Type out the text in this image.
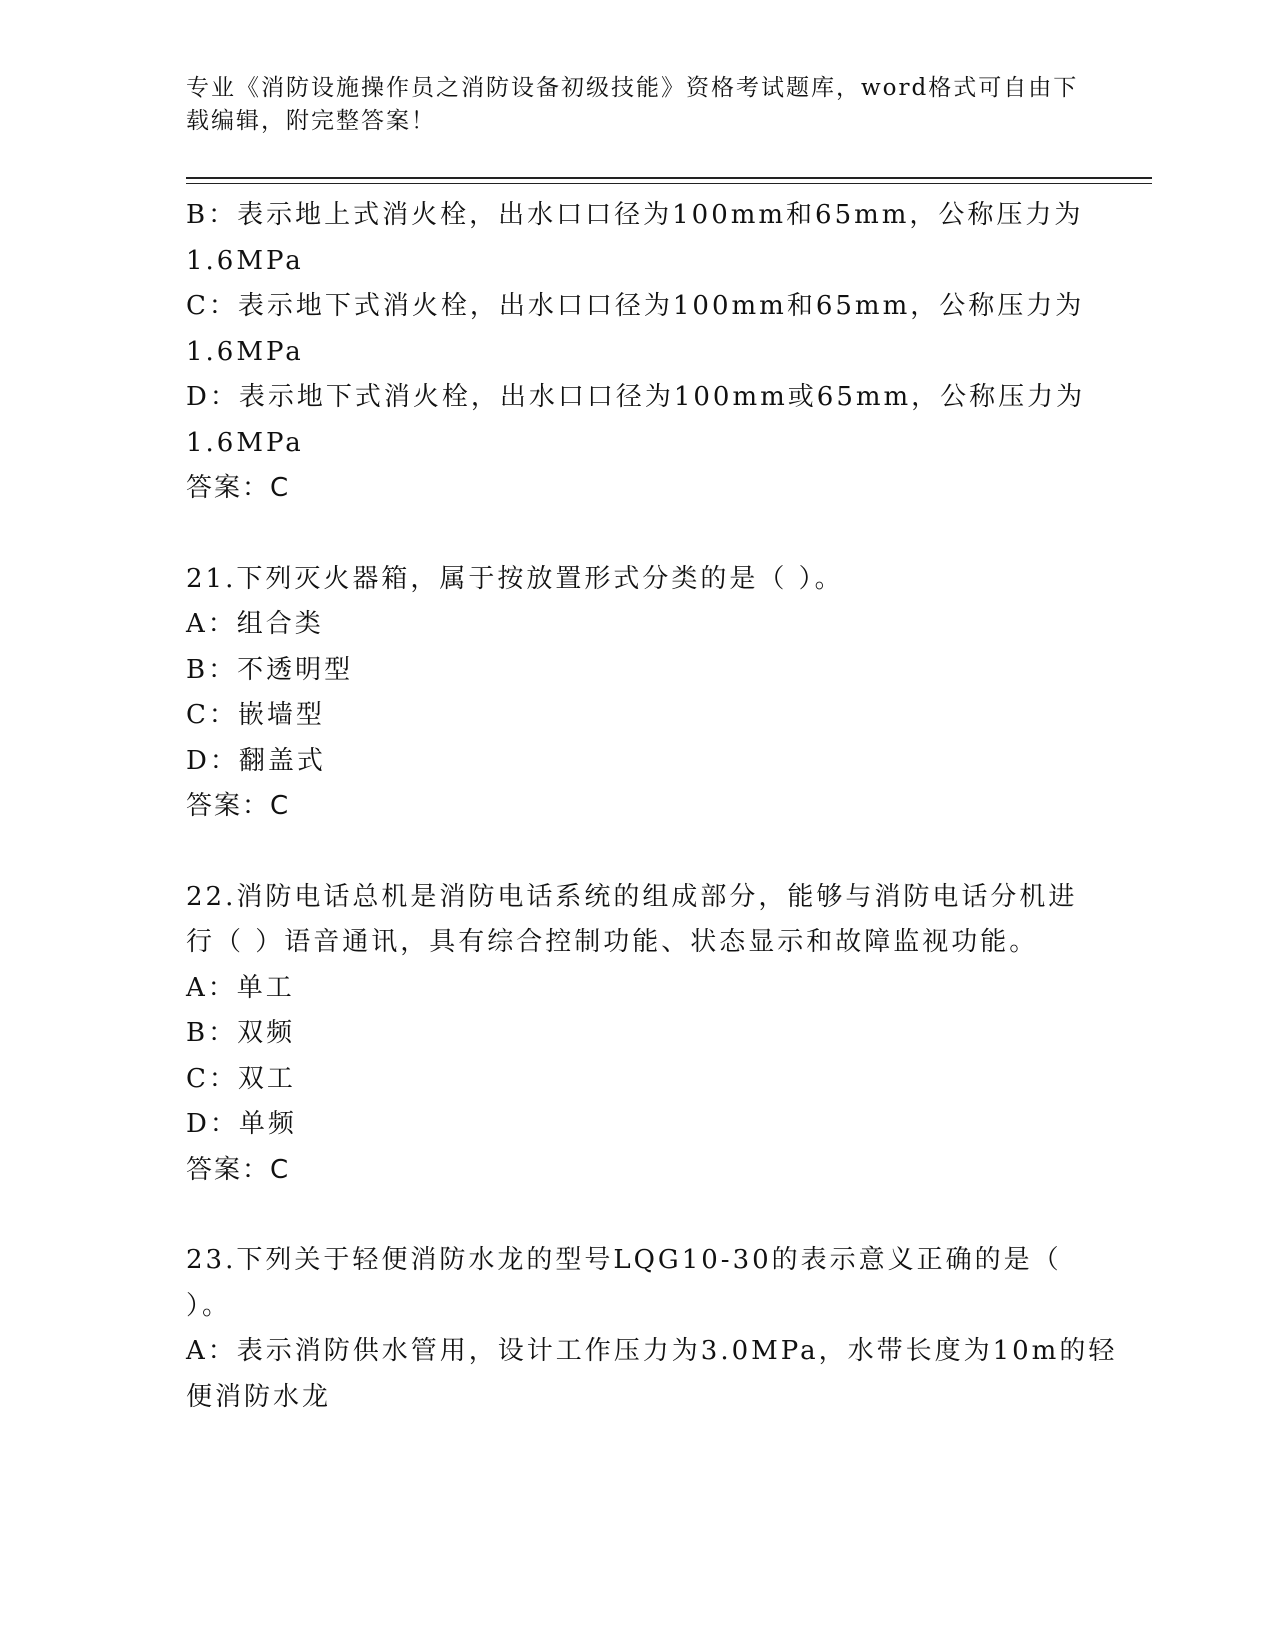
专业《消防设施操作员之消防设备初级技能》资格考试题库，word格式可自由下
载编辑，附完整答案！
B：表示地上式消火栓，出水口口径为100mm和65mm，公称压力为
1.6MPa
C：表示地下式消火栓，出水口口径为100mm和65mm，公称压力为
1.6MPa
D：表示地下式消火栓，出水口口径为100mm或65mm，公称压力为
1.6MPa
答案：C
21.下列灭火器箱，属于按放置形式分类的是（ ）。
A：组合类
B：不透明型
C：嵌墙型
D：翻盖式
答案：C
22.消防电话总机是消防电话系统的组成部分，能够与消防电话分机进
行（ ）语音通讯，具有综合控制功能、状态显示和故障监视功能。
A：单工
B：双频
C：双工
D：单频
答案：C
23.下列关于轻便消防水龙的型号LQG10-30的表示意义正确的是（
）。
A：表示消防供水管用，设计工作压力为3.0MPa，水带长度为10m的轻
便消防水龙
